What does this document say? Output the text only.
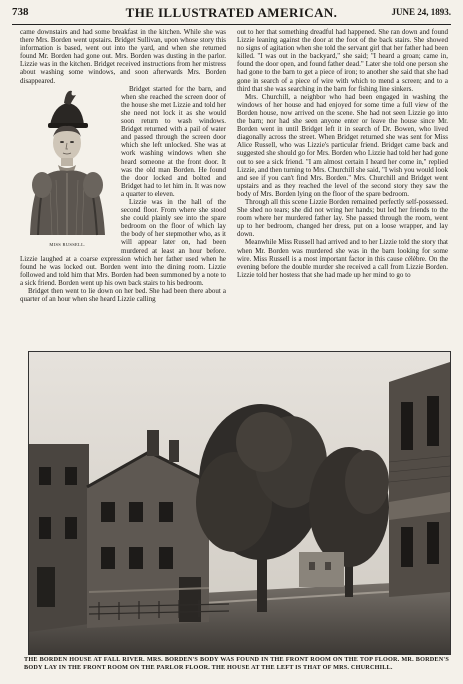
738	THE ILLUSTRATED AMERICAN.	JUNE 24, 1893.

came downstairs and had some breakfast in the kitchen. While she was there Mrs. Borden went upstairs. Bridget Sullivan, upon whose story this information is based, went out into the yard, and when she returned found Mr. Borden had gone out. Mrs. Borden was dusting in the parlor. Lizzie was in the kitchen. Bridget received instructions from her mistress about washing some windows, and soon afterwards Mrs. Borden disappeared.

MISS RUSSELL.

Bridget started for the barn, and when she reached the screen door of the house she met Lizzie and told her she need not lock it as she would soon return to wash windows. Bridget returned with a pail of water and passed through the screen door which she left unlocked. She was at work washing windows when she heard someone at the front door. It was the old man Borden. He found the door locked and bolted and Bridget had to let him in. It was now a quarter to eleven.

Lizzie was in the hall of the second floor. From where she stood she could plainly see into the spare bedroom on the floor of which lay the body of her stepmother who, as it will appear later on, had been murdered at least an hour before. Lizzie laughed at a coarse expression which her father used when he found he was locked out. Borden went into the dining room. Lizzie followed and told him that Mrs. Borden had been summoned by a note to a sick friend. Borden went up his own back stairs to his bedroom.

Bridget then went to lie down on her bed. She had been there about a quarter of an hour when she heard Lizzie calling

out to her that something dreadful had happened. She ran down and found Lizzie leaning against the door at the foot of the back stairs. She showed no signs of agitation when she told the servant girl that her father had been killed. "I was out in the backyard," she said; "I heard a groan; came in, found the door open, and found father dead." Later she told one person she had gone to the barn to get a piece of iron; to another she said that she had gone in search of a piece of wire with which to mend a screen; and to a third that she was searching in the barn for fishing line sinkers.

Mrs. Churchill, a neighbor who had been engaged in washing the windows of her house and had enjoyed for some time a full view of the Borden house, now arrived on the scene. She had not seen Lizzie go into the barn; nor had she seen anyone enter or leave the house since Mr. Borden went in until Bridget left it in search of Dr. Bowen, who lived diagonally across the street. When Bridget returned she was sent for Miss Alice Russell, who was Lizzie's particular friend. Bridget came back and suggested she should go for Mrs. Borden who Lizzie had told her had gone out to see a sick friend. "I am almost certain I heard her come in," replied Lizzie, and then turning to Mrs. Churchill she said, "I wish you would look and see if you can't find Mrs. Borden." Mrs. Churchill and Bridget went upstairs and as they reached the level of the second story they saw the body of Mrs. Borden lying on the floor of the spare bedroom.

Through all this scene Lizzie Borden remained perfectly self-possessed. She shed no tears; she did not wring her hands; but led her friends to the room where her murdered father lay. She passed through the room, went up to her bedroom, changed her dress, put on a loose wrapper, and lay down.

Meanwhile Miss Russell had arrived and to her Lizzie told the story that when Mr. Borden was murdered she was in the barn looking for some wire. Miss Russell is a most important factor in this cause célèbre. On the evening before the double murder she received a call from Lizzie Borden. Lizzie told her hostess that she had made up her mind to go to

THE BORDEN HOUSE AT FALL RIVER. MRS. BORDEN'S BODY WAS FOUND IN THE FRONT ROOM ON THE TOP FLOOR. MR. BORDEN'S BODY LAY IN THE FRONT ROOM ON THE PARLOR FLOOR. THE HOUSE AT THE LEFT IS THAT OF MRS. CHURCHILL.
